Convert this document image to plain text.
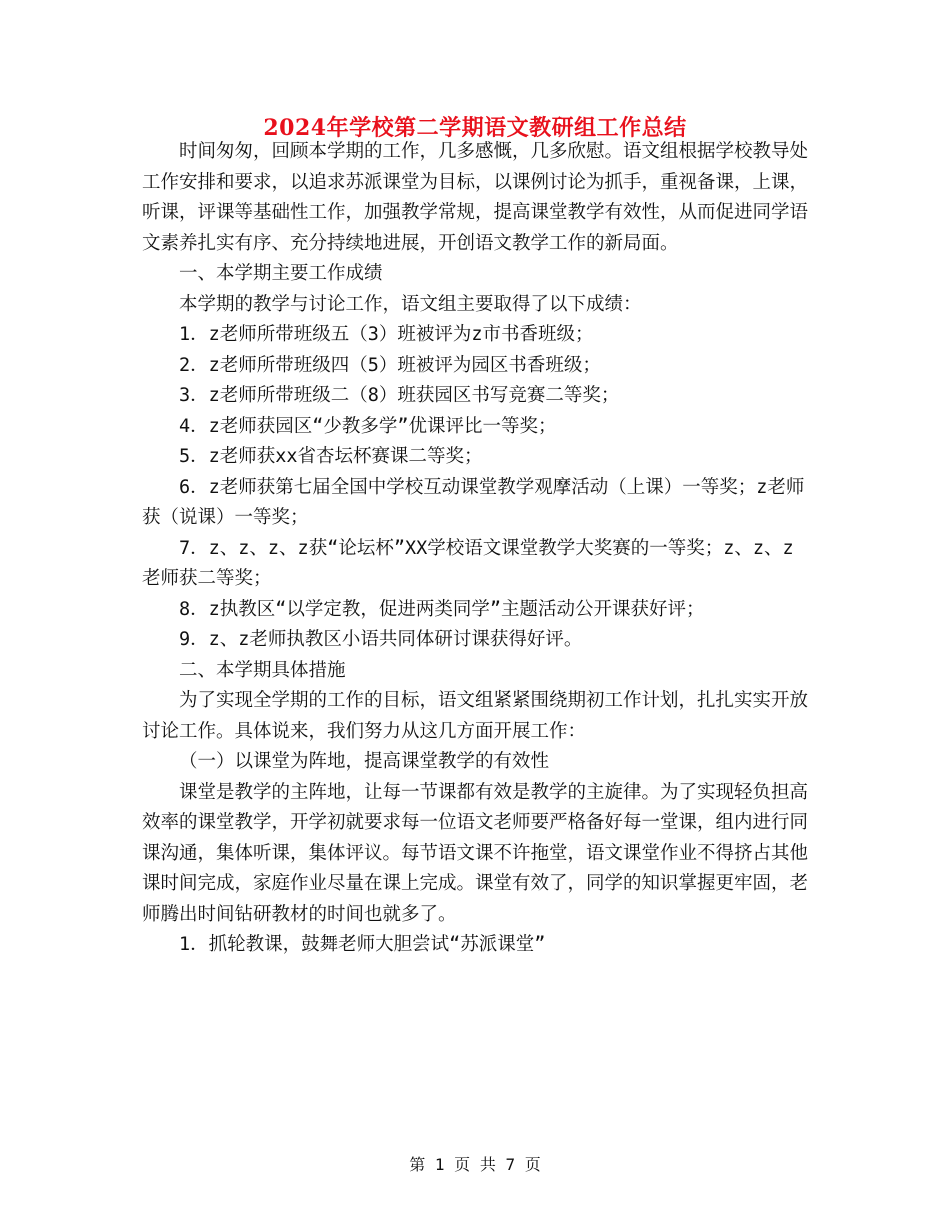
2024年学校第二学期语文教研组工作总结

时间匆匆，回顾本学期的工作，几多感慨，几多欣慰。语文组根据学校教导处工作安排和要求，以追求苏派课堂为目标，以课例讨论为抓手，重视备课，上课，听课，评课等基础性工作，加强教学常规，提高课堂教学有效性，从而促进同学语文素养扎实有序、充分持续地进展，开创语文教学工作的新局面。

一、本学期主要工作成绩

本学期的教学与讨论工作，语文组主要取得了以下成绩：

1．z老师所带班级五（3）班被评为z市书香班级；

2．z老师所带班级四（5）班被评为园区书香班级；

3．z老师所带班级二（8）班获园区书写竞赛二等奖；

4．z老师获园区“少教多学”优课评比一等奖；

5．z老师获xx省杏坛杯赛课二等奖；

6．z老师获第七届全国中学校互动课堂教学观摩活动（上课）一等奖；z老师获（说课）一等奖；

7．z、z、z、z获“论坛杯”XX学校语文课堂教学大奖赛的一等奖；z、z、z老师获二等奖；

8．z执教区“以学定教，促进两类同学”主题活动公开课获好评；

9．z、z老师执教区小语共同体研讨课获得好评。

二、本学期具体措施

为了实现全学期的工作的目标，语文组紧紧围绕期初工作计划，扎扎实实开放讨论工作。具体说来，我们努力从这几方面开展工作：

（一）以课堂为阵地，提高课堂教学的有效性

课堂是教学的主阵地，让每一节课都有效是教学的主旋律。为了实现轻负担高效率的课堂教学，开学初就要求每一位语文老师要严格备好每一堂课，组内进行同课沟通，集体听课，集体评议。每节语文课不许拖堂，语文课堂作业不得挤占其他课时间完成，家庭作业尽量在课上完成。课堂有效了，同学的知识掌握更牢固，老师腾出时间钻研教材的时间也就多了。

1．抓轮教课，鼓舞老师大胆尝试“苏派课堂”

第 1 页 共 7 页
